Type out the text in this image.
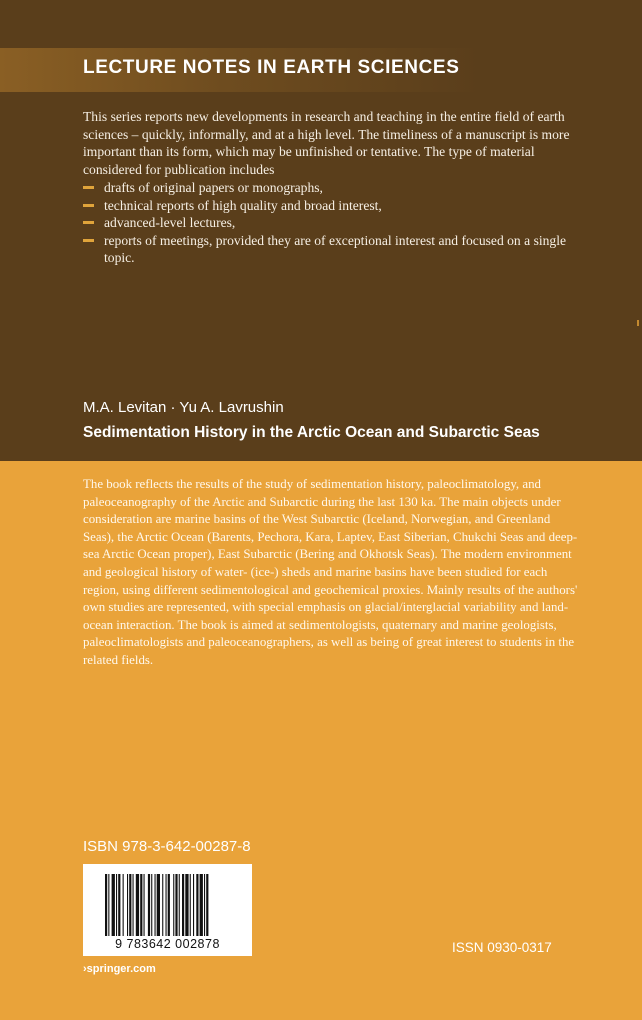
LECTURE NOTES IN EARTH SCIENCES

This series reports new developments in research and teaching in the entire field of earth sciences – quickly, informally, and at a high level. The timeliness of a manuscript is more important than its form, which may be unfinished or tentative. The type of material considered for publication includes

drafts of original papers or monographs,
technical reports of high quality and broad interest,
advanced-level lectures,
reports of meetings, provided they are of exceptional interest and focused on a single topic.
M.A. Levitan · Yu A. Lavrushin
Sedimentation History in the Arctic Ocean and Subarctic Seas

The book reflects the results of the study of sedimentation history, paleoclimatology, and paleoceanography of the Arctic and Subarctic during the last 130 ka. The main objects under consideration are marine basins of the West Subarctic (Iceland, Norwegian, and Greenland Seas), the Arctic Ocean (Barents, Pechora, Kara, Laptev, East Siberian, Chukchi Seas and deep-sea Arctic Ocean proper), East Subarctic (Bering and Okhotsk Seas). The modern environment and geological history of water- (ice-) sheds and marine basins have been studied for each region, using different sedimentological and geochemical proxies. Mainly results of the authors' own studies are represented, with special emphasis on glacial/interglacial variability and land-ocean interaction. The book is aimed at sedimentologists, quaternary and marine geologists, paleoclimatologists and paleoceanographers, as well as being of great interest to students in the related fields.

ISBN 978-3-642-00287-8
9 783642 002878	ISSN 0930-0317
›springer.com
